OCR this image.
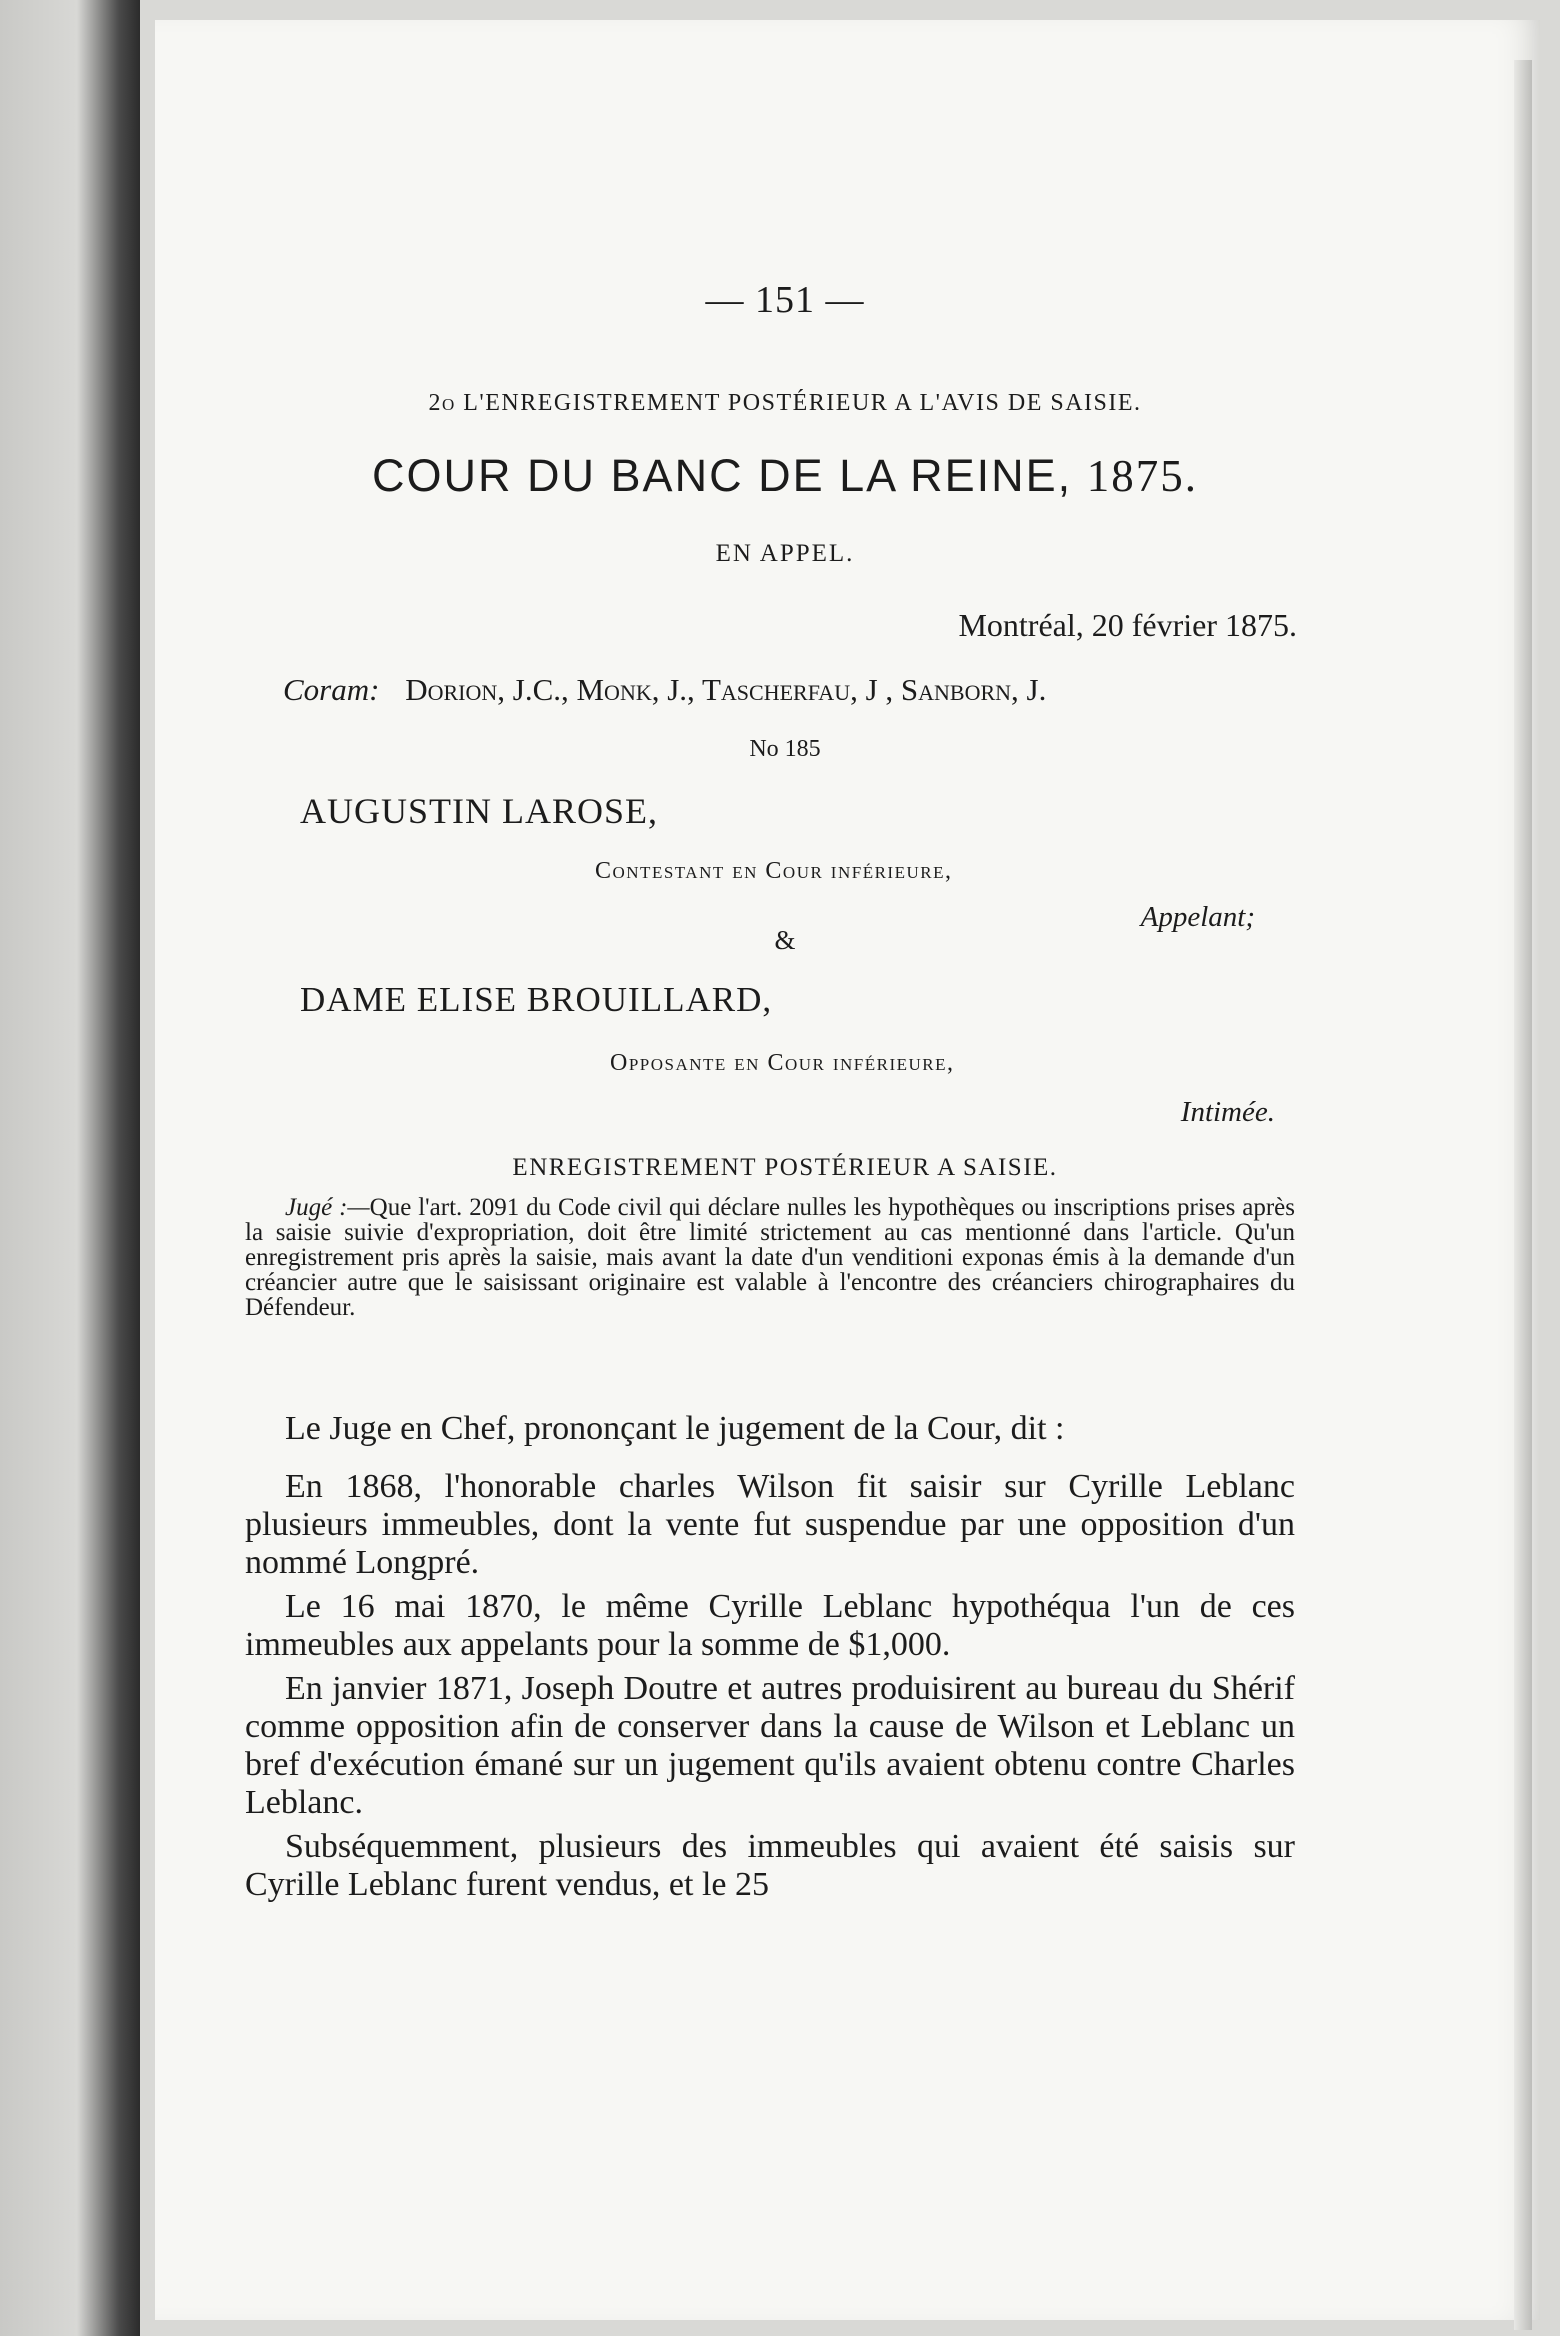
— 151 —
2o L'ENREGISTREMENT POSTÉRIEUR A L'AVIS DE SAISIE.
COUR DU BANC DE LA REINE, 1875.
EN APPEL.
Montréal, 20 février 1875.
Coram: Dorion, J.C., Monk, J., Tascherfau, J , Sanborn, J.
No 185
AUGUSTIN LAROSE,
Contestant en Cour inférieure,
Appelant;
&
DAME ELISE BROUILLARD,
Opposante en Cour inférieure,
Intimée.
ENREGISTREMENT POSTÉRIEUR A SAISIE.
Jugé :—Que l'art. 2091 du Code civil qui déclare nulles les hypothèques ou inscriptions prises après la saisie suivie d'expropriation, doit être limité strictement au cas mentionné dans l'article. Qu'un enregistrement pris après la saisie, mais avant la date d'un venditioni exponas émis à la demande d'un créancier autre que le saisissant originaire est valable à l'encontre des créanciers chirographaires du Défendeur.

Le Juge en Chef, prononçant le jugement de la Cour, dit :

En 1868, l'honorable charles Wilson fit saisir sur Cyrille Leblanc plusieurs immeubles, dont la vente fut suspendue par une opposition d'un nommé Longpré.

Le 16 mai 1870, le même Cyrille Leblanc hypothéqua l'un de ces immeubles aux appelants pour la somme de $1,000.

En janvier 1871, Joseph Doutre et autres produisirent au bureau du Shérif comme opposition afin de conserver dans la cause de Wilson et Leblanc un bref d'exécution émané sur un jugement qu'ils avaient obtenu contre Charles Leblanc.

Subséquemment, plusieurs des immeubles qui avaient été saisis sur Cyrille Leblanc furent vendus, et le 25
